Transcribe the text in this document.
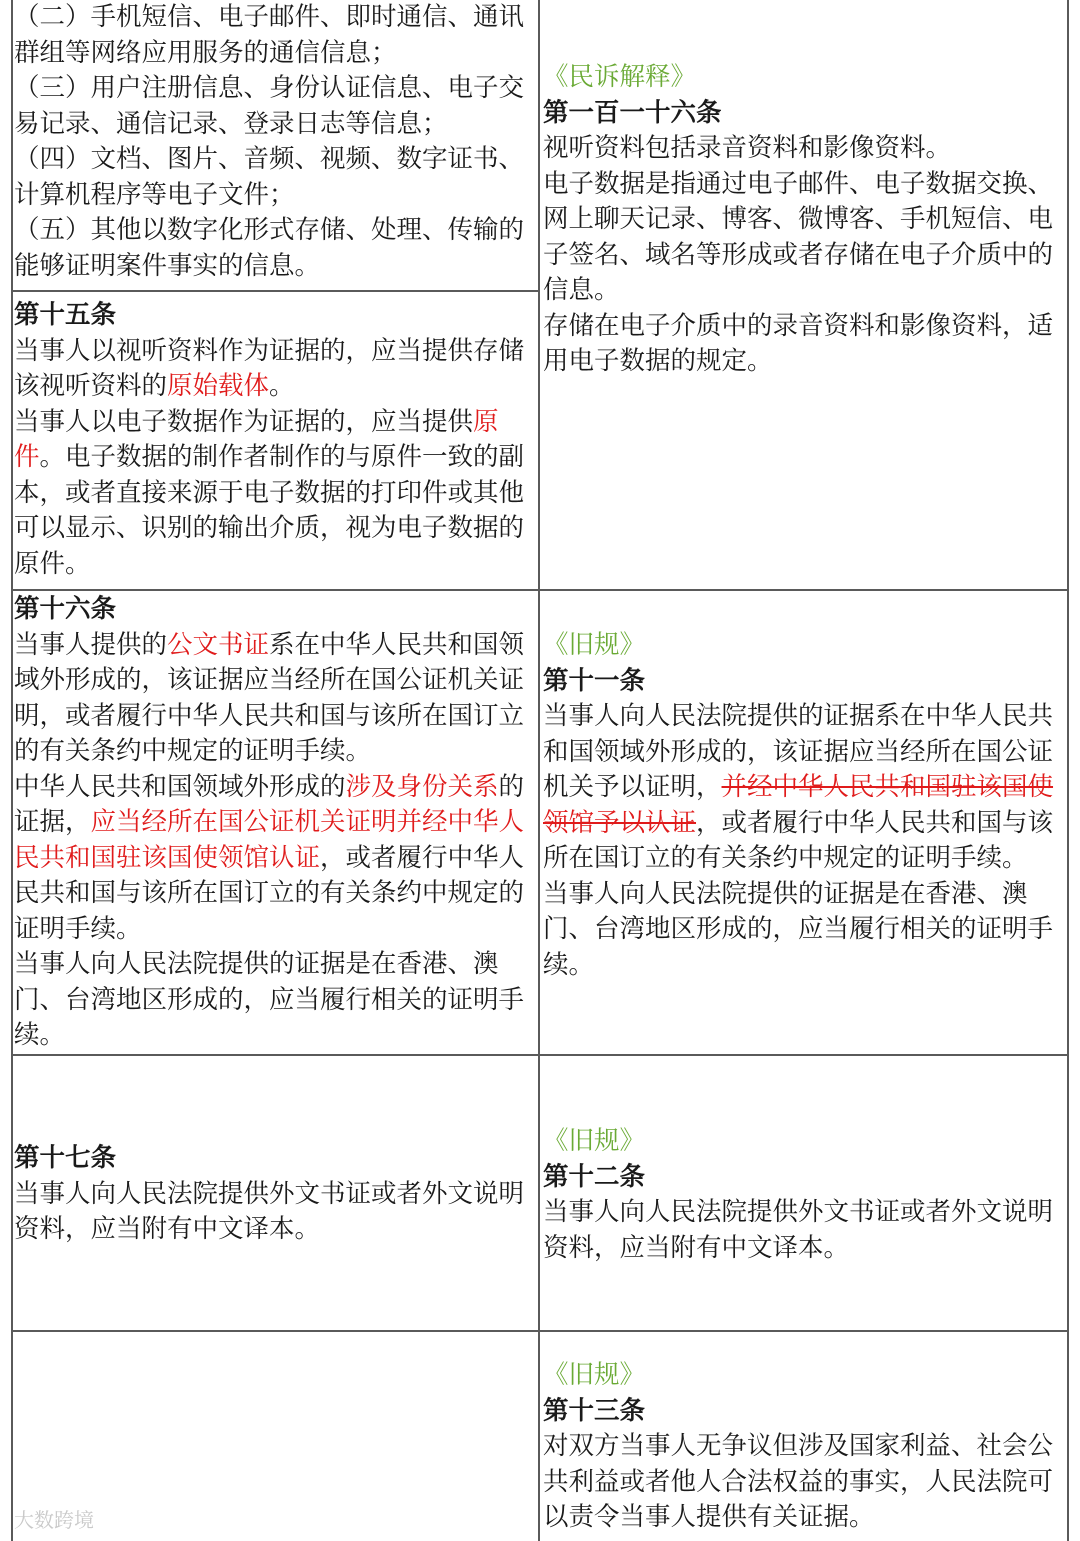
（二）手机短信、电子邮件、即时通信、通讯群组等网络应用服务的通信信息；

（三）用户注册信息、身份认证信息、电子交易记录、通信记录、登录日志等信息；

（四）文档、图片、音频、视频、数字证书、计算机程序等电子文件；

（五）其他以数字化形式存储、处理、传输的能够证明案件事实的信息。

第十五条

当事人以视听资料作为证据的，应当提供存储该视听资料的原始载体。

当事人以电子数据作为证据的，应当提供原件。电子数据的制作者制作的与原件一致的副本，或者直接来源于电子数据的打印件或其他可以显示、识别的输出介质，视为电子数据的原件。

第十六条

当事人提供的公文书证系在中华人民共和国领域外形成的，该证据应当经所在国公证机关证明，或者履行中华人民共和国与该所在国订立的有关条约中规定的证明手续。

中华人民共和国领域外形成的涉及身份关系的证据，应当经所在国公证机关证明并经中华人民共和国驻该国使领馆认证，或者履行中华人民共和国与该所在国订立的有关条约中规定的证明手续。

当事人向人民法院提供的证据是在香港、澳门、台湾地区形成的，应当履行相关的证明手续。

第十七条

当事人向人民法院提供外文书证或者外文说明资料，应当附有中文译本。

《民诉解释》

第一百一十六条

视听资料包括录音资料和影像资料。

电子数据是指通过电子邮件、电子数据交换、网上聊天记录、博客、微博客、手机短信、电子签名、域名等形成或者存储在电子介质中的信息。

存储在电子介质中的录音资料和影像资料，适用电子数据的规定。

《旧规》

第十一条

当事人向人民法院提供的证据系在中华人民共和国领域外形成的，该证据应当经所在国公证机关予以证明，并经中华人民共和国驻该国使领馆予以认证，或者履行中华人民共和国与该所在国订立的有关条约中规定的证明手续。

当事人向人民法院提供的证据是在香港、澳门、台湾地区形成的，应当履行相关的证明手续。

《旧规》

第十二条

当事人向人民法院提供外文书证或者外文说明资料，应当附有中文译本。

《旧规》

第十三条

对双方当事人无争议但涉及国家利益、社会公共利益或者他人合法权益的事实，人民法院可以责令当事人提供有关证据。

大数跨境
